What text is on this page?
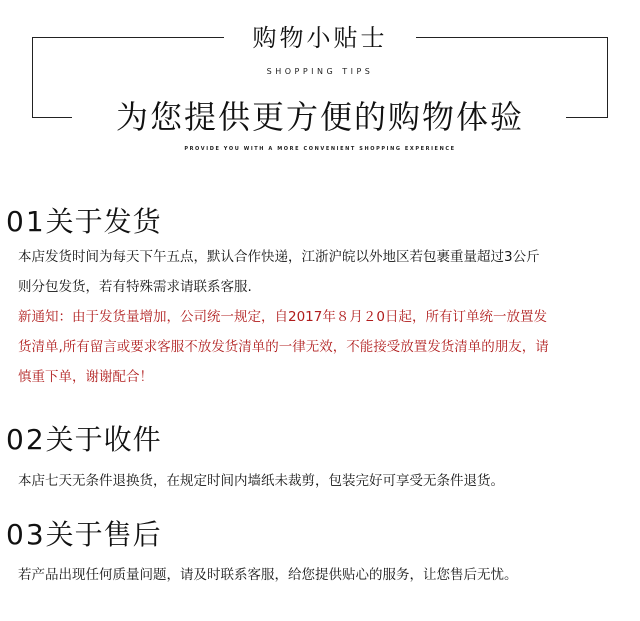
购物小贴士
SHOPPING TIPS
为您提供更方便的购物体验
PROVIDE YOU WITH A MORE CONVENIENT SHOPPING EXPERIENCE
01关于发货
本店发货时间为每天下午五点，默认合作快递，江浙沪皖以外地区若包裹重量超过3公斤
则分包发货，若有特殊需求请联系客服.
新通知：由于发货量增加，公司统一规定，自2017年８月２0日起，所有订单统一放置发
货清单,所有留言或要求客服不放发货清单的一律无效，不能接受放置发货清单的朋友，请
慎重下单，谢谢配合！
02关于收件
本店七天无条件退换货，在规定时间内墙纸未裁剪，包装完好可享受无条件退货。
03关于售后
若产品出现任何质量问题，请及时联系客服，给您提供贴心的服务，让您售后无忧。
